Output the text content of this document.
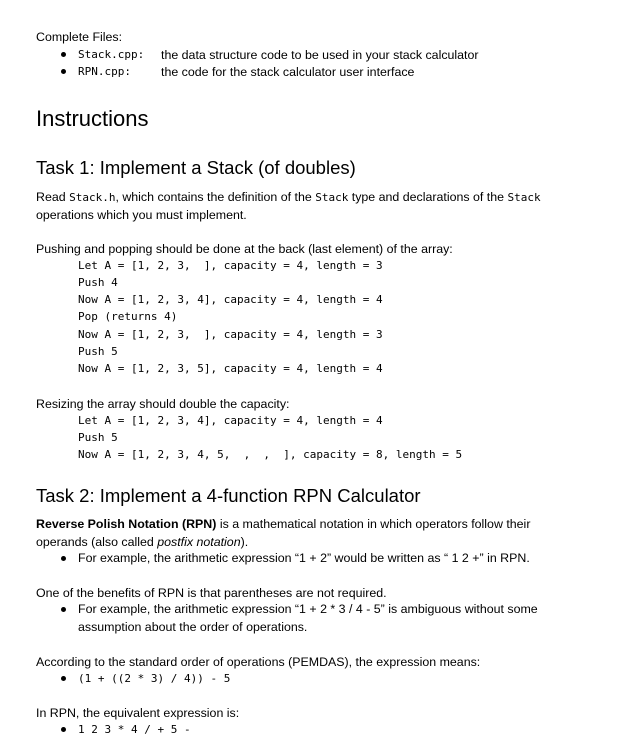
Complete Files:
Stack.cpp: the data structure code to be used in your stack calculator
RPN.cpp: the code for the stack calculator user interface
Instructions
Task 1: Implement a Stack (of doubles)
Read Stack.h, which contains the definition of the Stack type and declarations of the Stack operations which you must implement.
Pushing and popping should be done at the back (last element) of the array:
Let A = [1, 2, 3,  ], capacity = 4, length = 3
Push 4
Now A = [1, 2, 3, 4], capacity = 4, length = 4
Pop (returns 4)
Now A = [1, 2, 3,  ], capacity = 4, length = 3
Push 5
Now A = [1, 2, 3, 5], capacity = 4, length = 4
Resizing the array should double the capacity:
Let A = [1, 2, 3, 4], capacity = 4, length = 4
Push 5
Now A = [1, 2, 3, 4, 5,  ,  ,  ], capacity = 8, length = 5
Task 2: Implement a 4-function RPN Calculator
Reverse Polish Notation (RPN) is a mathematical notation in which operators follow their operands (also called postfix notation).
For example, the arithmetic expression “1 + 2” would be written as “ 1 2 +” in RPN.
One of the benefits of RPN is that parentheses are not required.
For example, the arithmetic expression “1 + 2 * 3 / 4 - 5” is ambiguous without some assumption about the order of operations.
According to the standard order of operations (PEMDAS), the expression means:
(1 + ((2 * 3) / 4)) - 5
In RPN, the equivalent expression is:
1 2 3 * 4 / + 5 -
